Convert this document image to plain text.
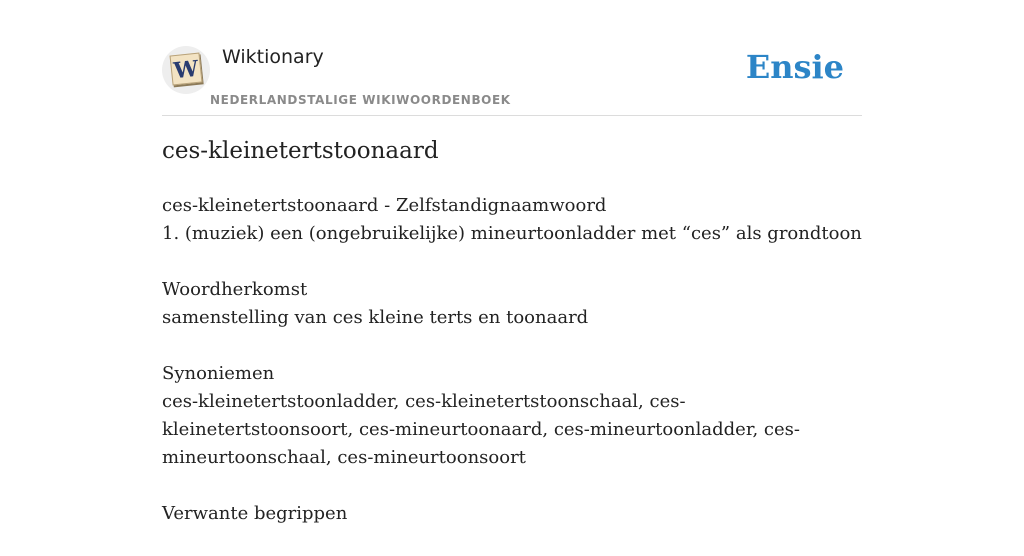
W Wiktionary
NEDERLANDSTALIGE WIKIWOORDENBOEK
Ensie
ces-kleinetertstoonaard

ces-kleinetertstoonaard - Zelfstandignaamwoord
1. (muziek) een (ongebruikelijke) mineurtoonladder met “ces” als grondtoon

Woordherkomst
samenstelling van ces kleine terts en toonaard

Synoniemen
ces-kleinetertstoonladder, ces-kleinetertstoonschaal, ces-kleinetertstoonsoort, ces-mineurtoonaard, ces-mineurtoonladder, ces-mineurtoonschaal, ces-mineurtoonsoort

Verwante begrippen
